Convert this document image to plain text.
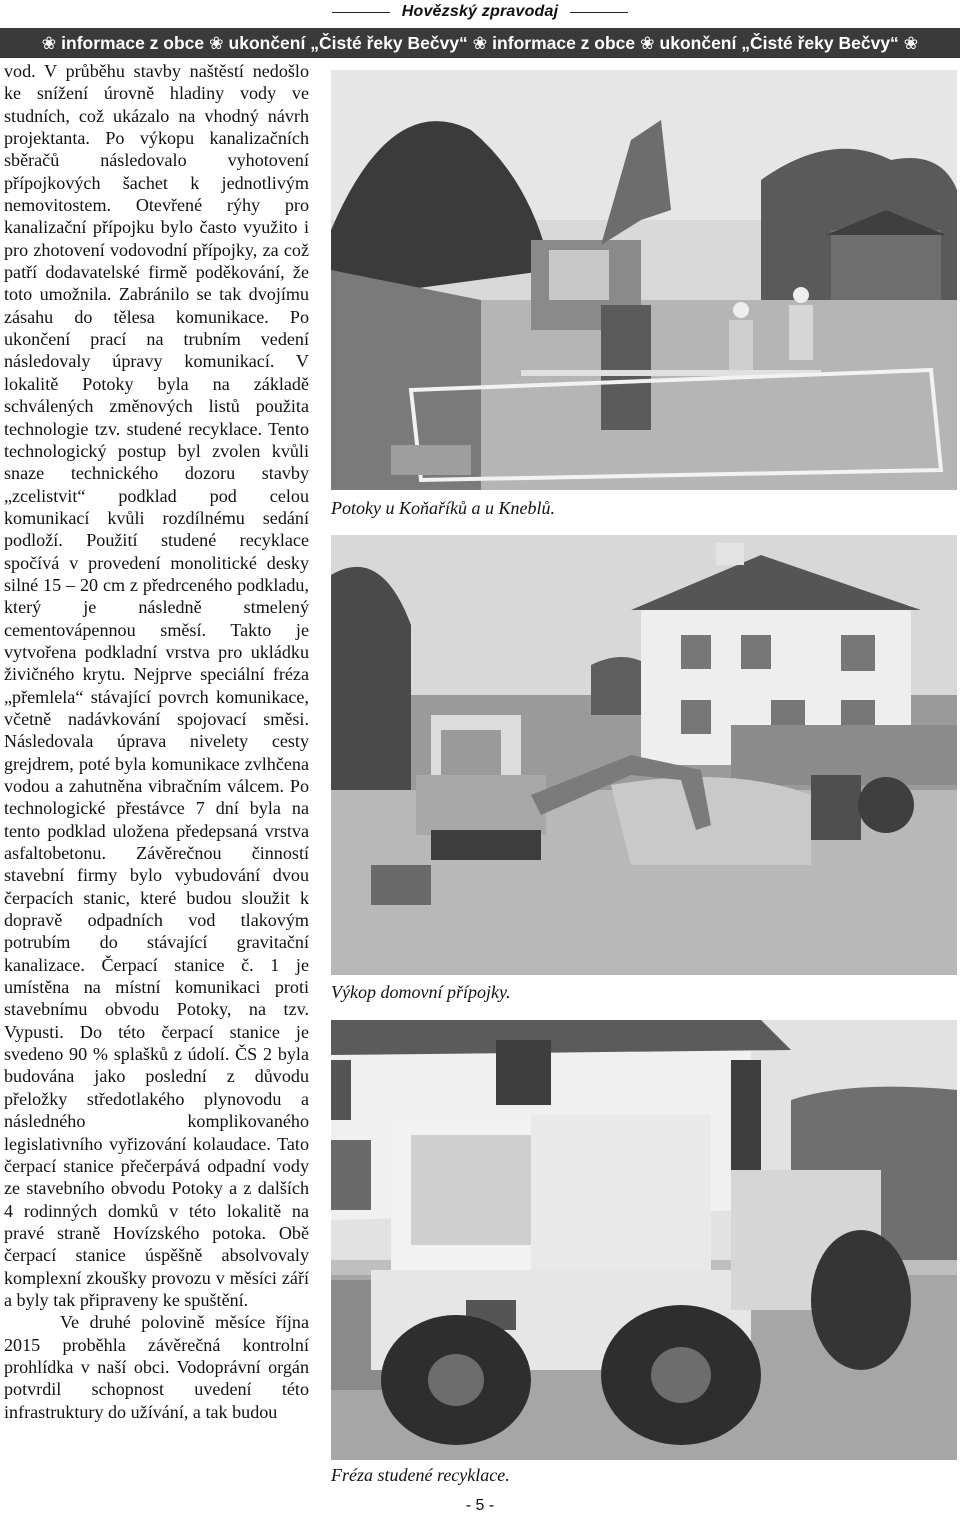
Hovězský zpravodaj
❀ informace z obce ❀ ukončení „Čisté řeky Bečvy“ ❀ informace z obce ❀ ukončení „Čisté řeky Bečvy“ ❀

vod. V průběhu stavby naštěstí nedošlo ke snížení úrovně hladiny vody ve studních, což ukázalo na vhodný návrh projektanta. Po výkopu kanalizačních sběračů následovalo vyhotovení přípojkových šachet k jednotlivým nemovitostem. Otevřené rýhy pro kanalizační přípojku bylo často využito i pro zhotovení vodovodní přípojky, za což patří dodavatelské firmě poděkování, že toto umožnila. Zabránilo se tak dvojímu zásahu do tělesa komunikace. Po ukončení prací na trubním vedení následovaly úpravy komunikací. V lokalitě Potoky byla na základě schválených změnových listů použita technologie tzv. studené recyklace. Tento technologický postup byl zvolen kvůli snaze technického dozoru stavby „zcelistvit“ podklad pod celou komunikací kvůli rozdílnému sedání podloží. Použití studené recyklace spočívá v provedení monolitické desky silné 15 – 20 cm z předrceného podkladu, který je následně stmelený cementovápennou směsí. Takto je vytvořena podkladní vrstva pro ukládku živičného krytu. Nejprve speciální fréza „přemlela“ stávající povrch komunikace, včetně nadávkování spojovací směsi. Následovala úprava nivelety cesty grejdrem, poté byla komunikace zvlhčena vodou a zahutněna vibračním válcem. Po technologické přestávce 7 dní byla na tento podklad uložena předepsaná vrstva asfaltobetonu. Závěrečnou činností stavební firmy bylo vybudování dvou čerpacích stanic, které budou sloužit k dopravě odpadních vod tlakovým potrubím do stávající gravitační kanalizace. Čerpací stanice č. 1 je umístěna na místní komunikaci proti stavebnímu obvodu Potoky, na tzv. Vypusti. Do této čerpací stanice je svedeno 90 % splašků z údolí. ČS 2 byla budována jako poslední z důvodu přeložky středotlakého plynovodu a následného komplikovaného legislativního vyřizování kolaudace. Tato čerpací stanice přečerpává odpadní vody ze stavebního obvodu Potoky a z dalších 4 rodinných domků v této lokalitě na pravé straně Hovízského potoka. Obě čerpací stanice úspěšně absolvovaly komplexní zkoušky provozu v měsíci září a byly tak připraveny ke spuštění.

Ve druhé polovině měsíce října 2015 proběhla závěrečná kontrolní prohlídka v naší obci. Vodoprávní orgán potvrdil schopnost uvedení této infrastruktury do užívání, a tak budou

Potoky u Koňaříků a u Kneblů.
Výkop domovní přípojky.
Fréza studené recyklace.
- 5 -
